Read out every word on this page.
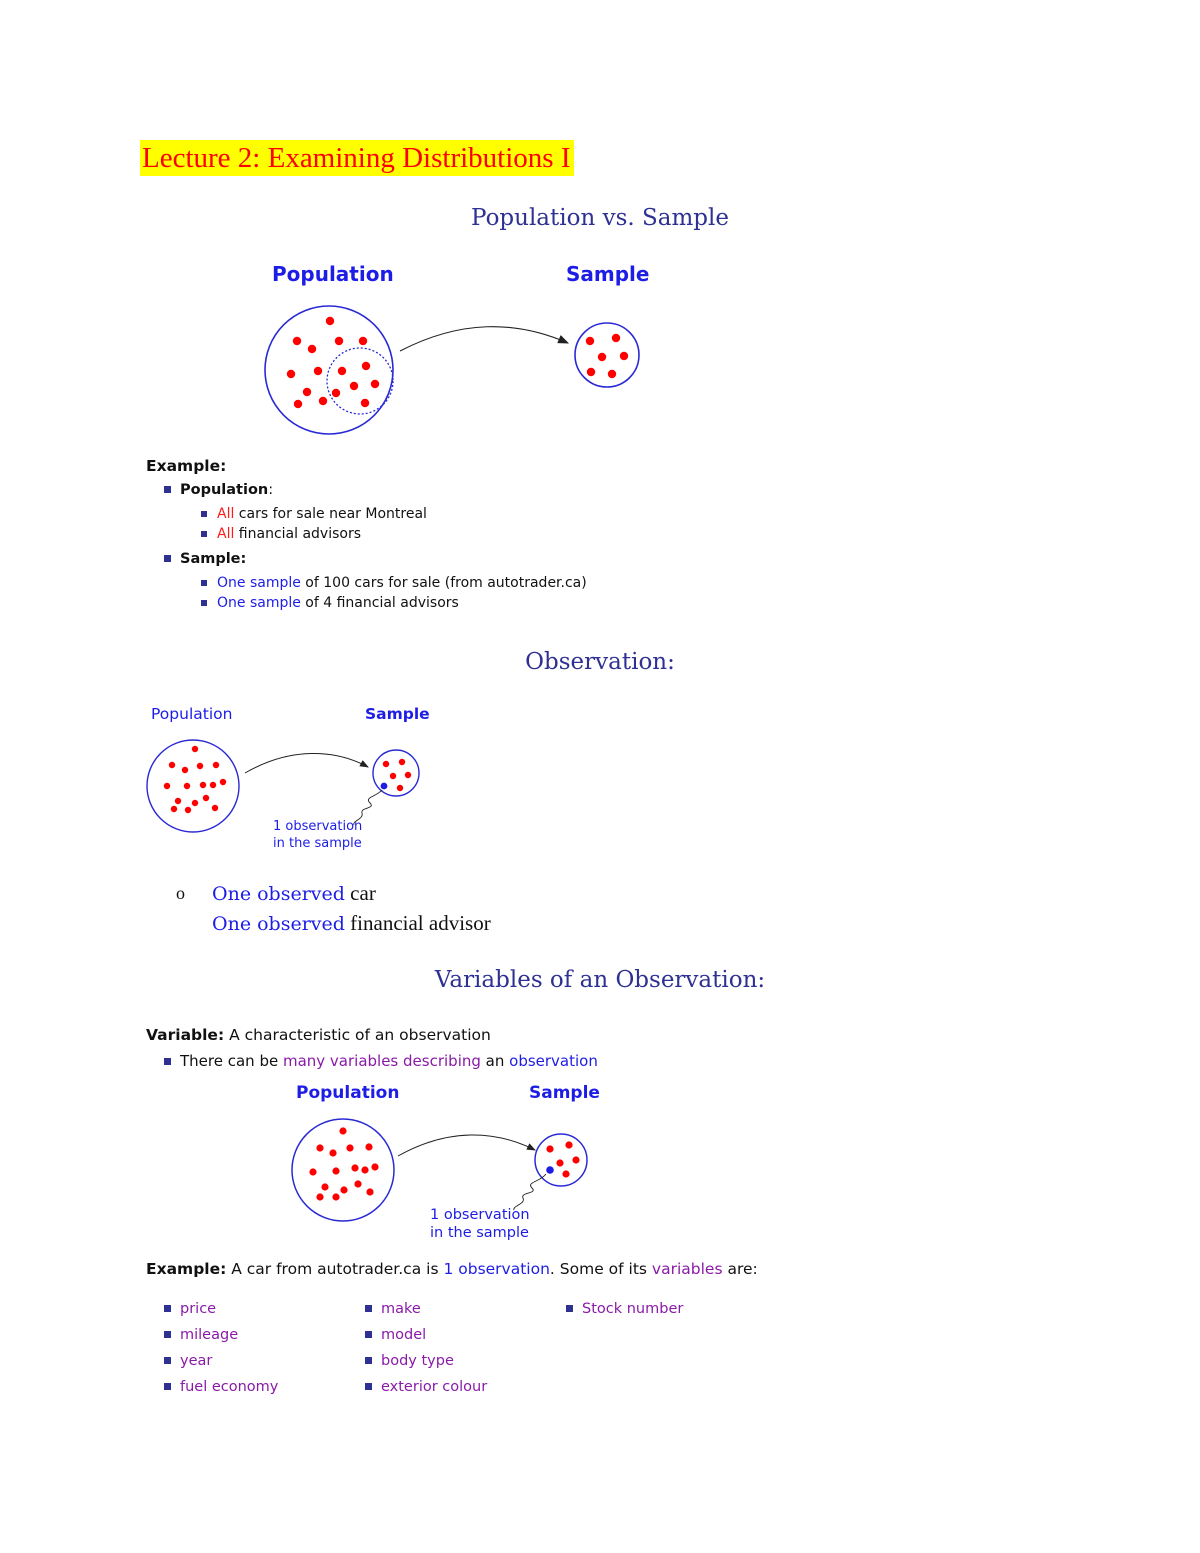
Lecture 2: Examining Distributions I
Population vs. Sample
Population	Sample
Example:
Population:
All cars for sale near Montreal
All financial advisors
Sample:
One sample of 100 cars for sale (from autotrader.ca)
One sample of 4 financial advisors
Observation:
Population	Sample
1 observation
in the sample
o One observed car
One observed financial advisor
Variables of an Observation:
Variable: A characteristic of an observation
There can be many variables describing an observation
Population	Sample
1 observation
in the sample
Example: A car from autotrader.ca is 1 observation. Some of its variables are:
price
mileage
year
fuel economy
make
model
body type
exterior colour
Stock number
